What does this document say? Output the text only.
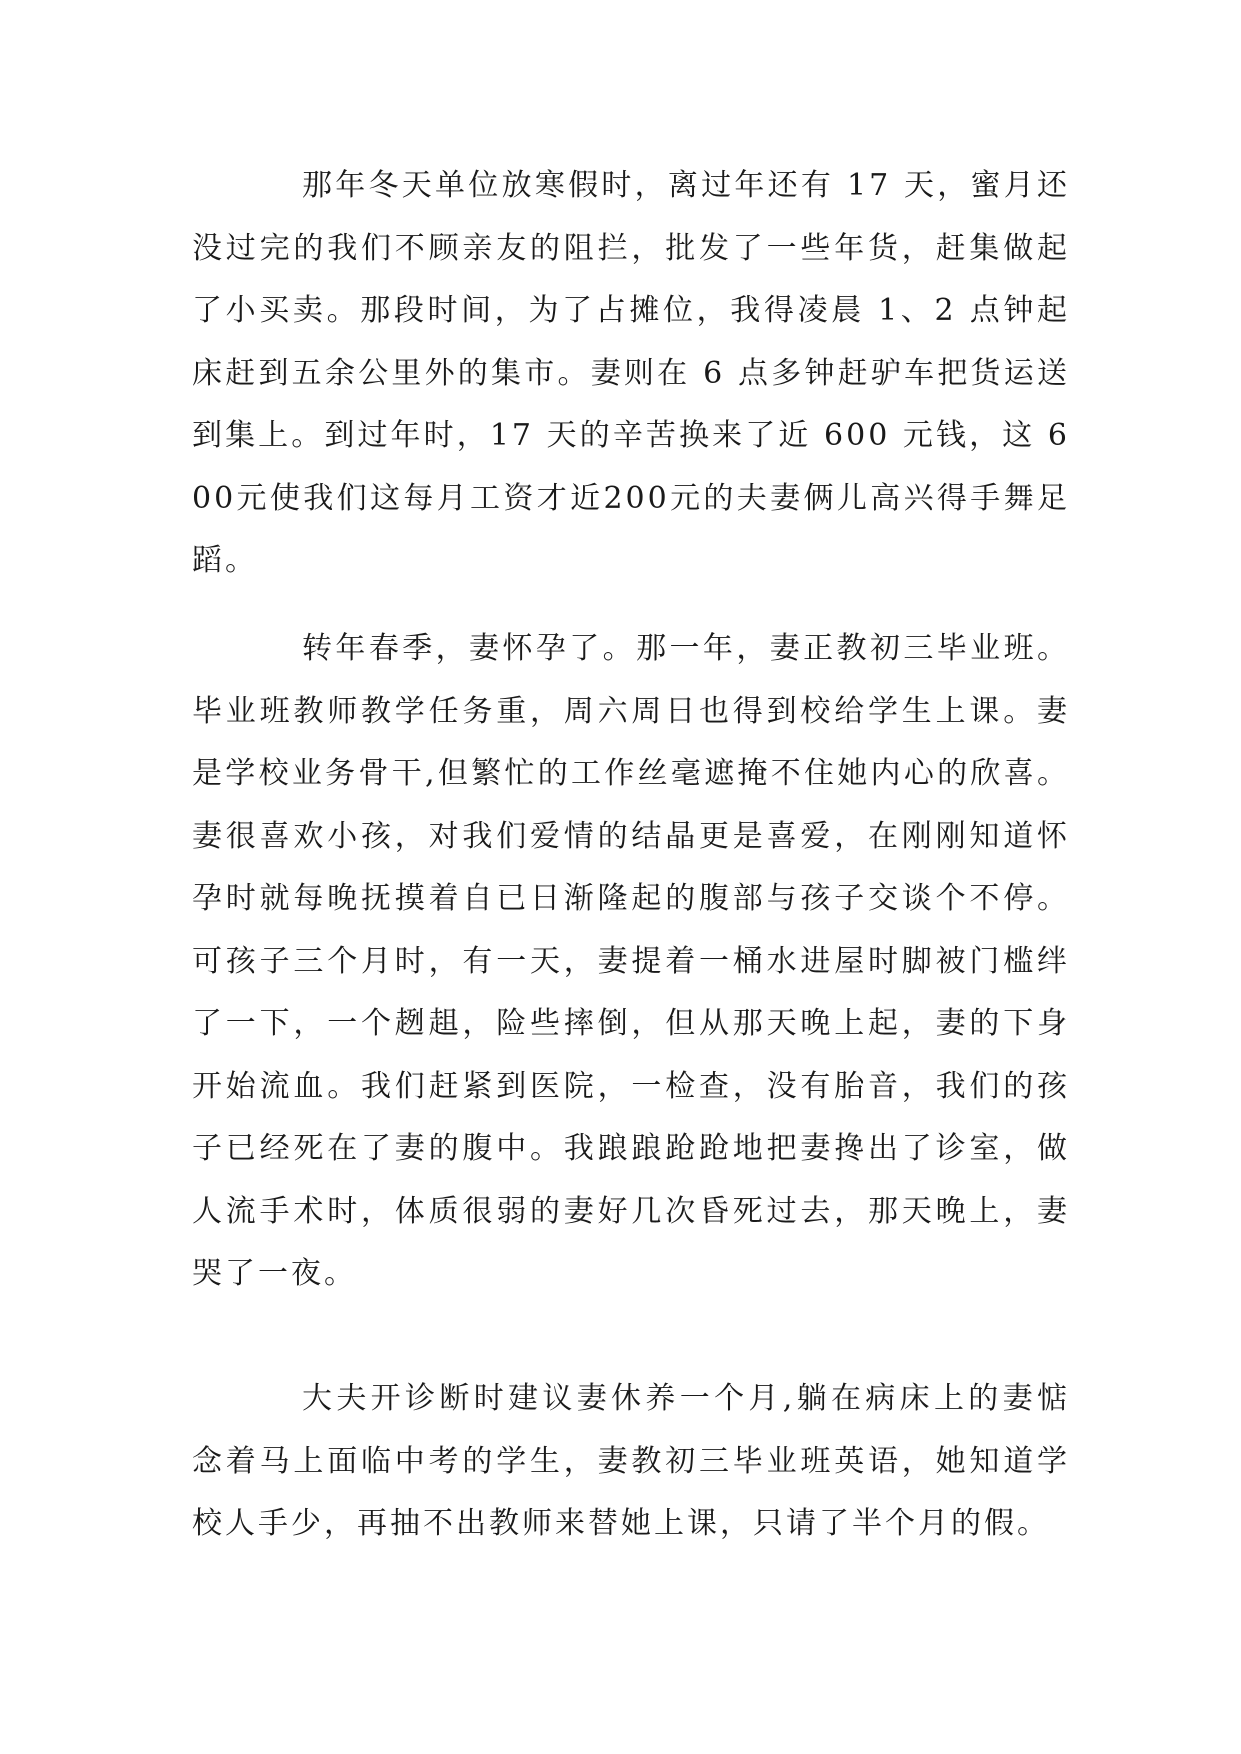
那年冬天单位放寒假时，离过年还有 17 天，蜜月还没过完的我们不顾亲友的阻拦，批发了一些年货，赶集做起了小买卖。那段时间，为了占摊位，我得凌晨 1、2 点钟起床赶到五余公里外的集市。妻则在 6 点多钟赶驴车把货运送到集上。到过年时，17 天的辛苦换来了近 600 元钱，这 600元使我们这每月工资才近200元的夫妻俩儿高兴得手舞足蹈。

转年春季，妻怀孕了。那一年，妻正教初三毕业班。毕业班教师教学任务重，周六周日也得到校给学生上课。妻是学校业务骨干,但繁忙的工作丝毫遮掩不住她内心的欣喜。妻很喜欢小孩，对我们爱情的结晶更是喜爱，在刚刚知道怀孕时就每晚抚摸着自已日渐隆起的腹部与孩子交谈个不停。可孩子三个月时，有一天，妻提着一桶水进屋时脚被门槛绊了一下，一个趔趄，险些摔倒，但从那天晚上起，妻的下身开始流血。我们赶紧到医院，一检查，没有胎音，我们的孩子已经死在了妻的腹中。我踉踉跄跄地把妻搀出了诊室，做人流手术时，体质很弱的妻好几次昏死过去，那天晚上，妻哭了一夜。

大夫开诊断时建议妻休养一个月,躺在病床上的妻惦念着马上面临中考的学生，妻教初三毕业班英语，她知道学校人手少，再抽不出教师来替她上课，只请了半个月的假。
